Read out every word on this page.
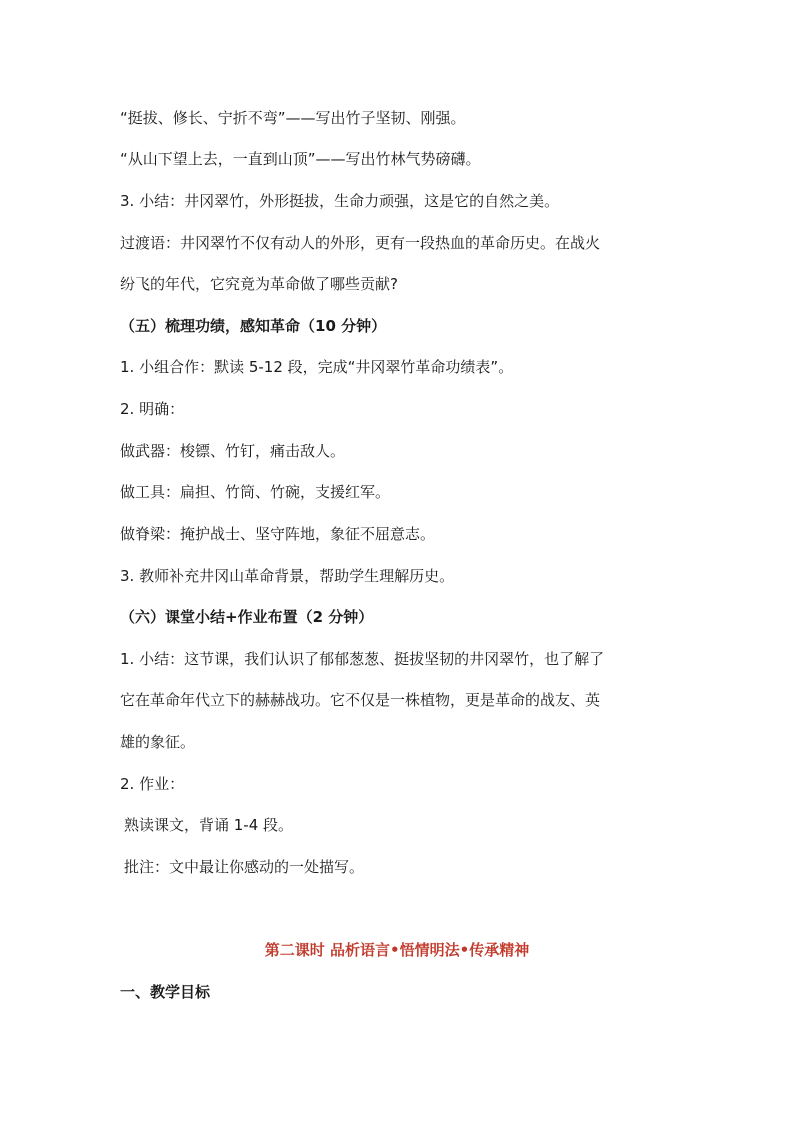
“挺拔、修长、宁折不弯”——写出竹子坚韧、刚强。
“从山下望上去，一直到山顶”——写出竹林气势磅礴。
3. 小结：井冈翠竹，外形挺拔，生命力顽强，这是它的自然之美。
过渡语：井冈翠竹不仅有动人的外形，更有一段热血的革命历史。在战火
纷飞的年代，它究竟为革命做了哪些贡献?
（五）梳理功绩，感知革命（10 分钟）
1. 小组合作：默读 5-12 段，完成“井冈翠竹革命功绩表”。
2. 明确：
做武器：梭镖、竹钉，痛击敌人。
做工具：扁担、竹筒、竹碗，支援红军。
做脊梁：掩护战士、坚守阵地，象征不屈意志。
3. 教师补充井冈山革命背景，帮助学生理解历史。
（六）课堂小结+作业布置（2 分钟）
1. 小结：这节课，我们认识了郁郁葱葱、挺拔坚韧的井冈翠竹，也了解了
它在革命年代立下的赫赫战功。它不仅是一株植物，更是革命的战友、英
雄的象征。
2. 作业：
熟读课文，背诵 1-4 段。
批注：文中最让你感动的一处描写。
第二课时 品析语言•悟情明法•传承精神
一、教学目标
